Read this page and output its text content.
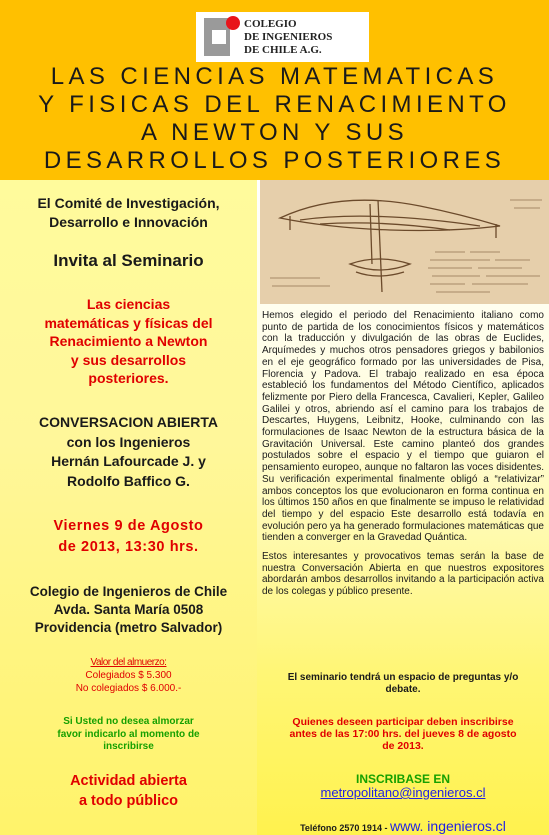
COLEGIO
DE INGENIEROS
DE CHILE A.G.
LAS CIENCIAS MATEMATICAS
Y FISICAS DEL RENACIMIENTO
A NEWTON Y SUS
DESARROLLOS POSTERIORES
El Comité de Investigación,
Desarrollo e Innovación
Invita al Seminario
Las ciencias
matemáticas y físicas del
Renacimiento a Newton
y sus desarrollos
posteriores.
CONVERSACION ABIERTA
con los Ingenieros
Hernán Lafourcade J. y
Rodolfo Baffico G.
Viernes 9 de Agosto
de 2013, 13:30 hrs.
Colegio de Ingenieros de Chile
Avda. Santa María 0508
Providencia (metro Salvador)
Valor del almuerzo:
Colegiados $ 5.300
No colegiados $ 6.000.-
Si Usted no desea almorzar
favor indicarlo al momento de
inscribirse
Actividad abierta
a todo público

Hemos elegido el periodo del Renacimiento italiano como punto de partida de los conocimientos físicos y matemáticos con la traducción y divulgación de las obras de Euclides, Arquímedes y muchos otros pensadores griegos y babilonios en el eje geográfico formado por las universidades de Pisa, Florencia y Padova. El trabajo realizado en esa época estableció los fundamentos del Método Científico, aplicados felizmente por Piero della Francesca, Cavalieri, Kepler, Galileo Galilei y otros, abriendo así el camino para los trabajos de Descartes, Huygens, Leibnitz, Hooke, culminando con las formulaciones de Isaac Newton de la estructura básica de la Gravitación Universal. Este camino planteó dos grandes postulados sobre el espacio y el tiempo que guiaron el pensamiento europeo, aunque no faltaron las voces disidentes. Su verificación experimental finalmente obligó a “relativizar” ambos conceptos los que evolucionaron en forma continua en los últimos 150 años en que finalmente se impuso le relatividad del tiempo y del espacio Este desarrollo está todavía en evolución pero ya ha generado formulaciones matemáticas que tienden a converger en la Gravedad Quántica.

Estos interesantes y provocativos temas serán la base de nuestra Conversación Abierta en que nuestros expositores abordarán ambos desarrollos invitando a la participación activa de los colegas y público presente.

El seminario tendrá un espacio de preguntas y/o
debate.
Quienes deseen participar deben inscribirse
antes de las 17:00 hrs. del jueves 8 de agosto
de 2013.
INSCRIBASE EN
metropolitano@ingenieros.cl
Teléfono 2570 1914 - www. ingenieros.cl
